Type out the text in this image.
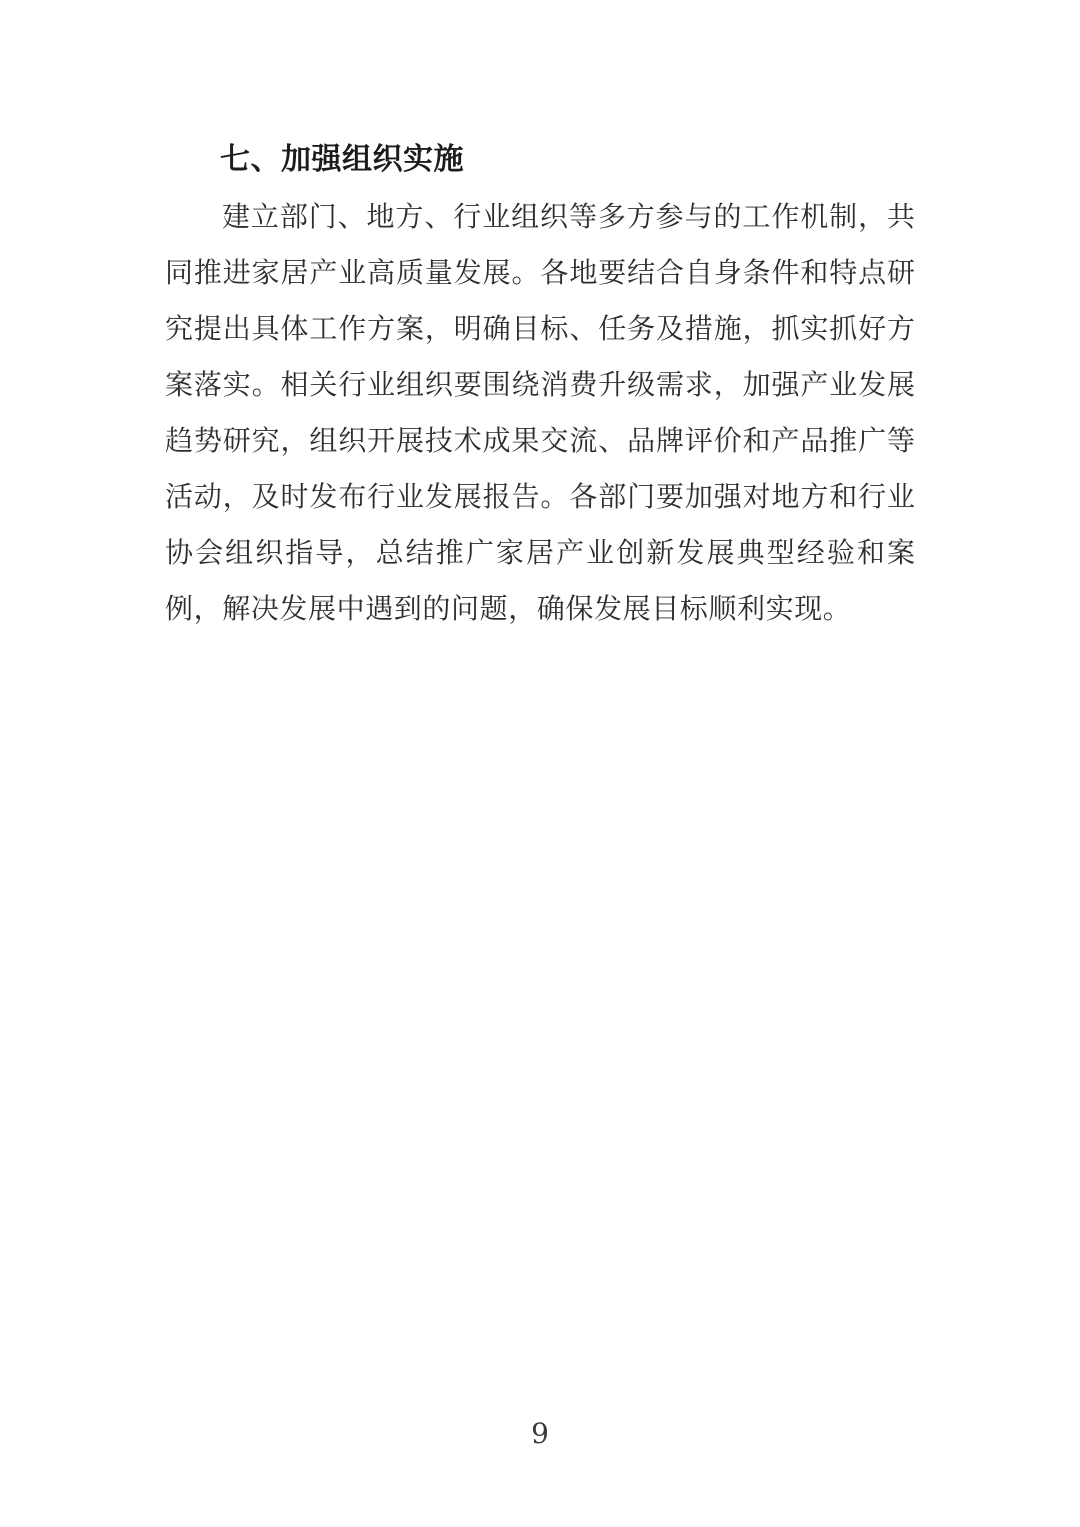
七、加强组织实施
建立部门、地方、行业组织等多方参与的工作机制，共
同推进家居产业高质量发展。各地要结合自身条件和特点研
究提出具体工作方案，明确目标、任务及措施，抓实抓好方
案落实。相关行业组织要围绕消费升级需求，加强产业发展
趋势研究，组织开展技术成果交流、品牌评价和产品推广等
活动，及时发布行业发展报告。各部门要加强对地方和行业
协会组织指导，总结推广家居产业创新发展典型经验和案
例，解决发展中遇到的问题，确保发展目标顺利实现。
9
